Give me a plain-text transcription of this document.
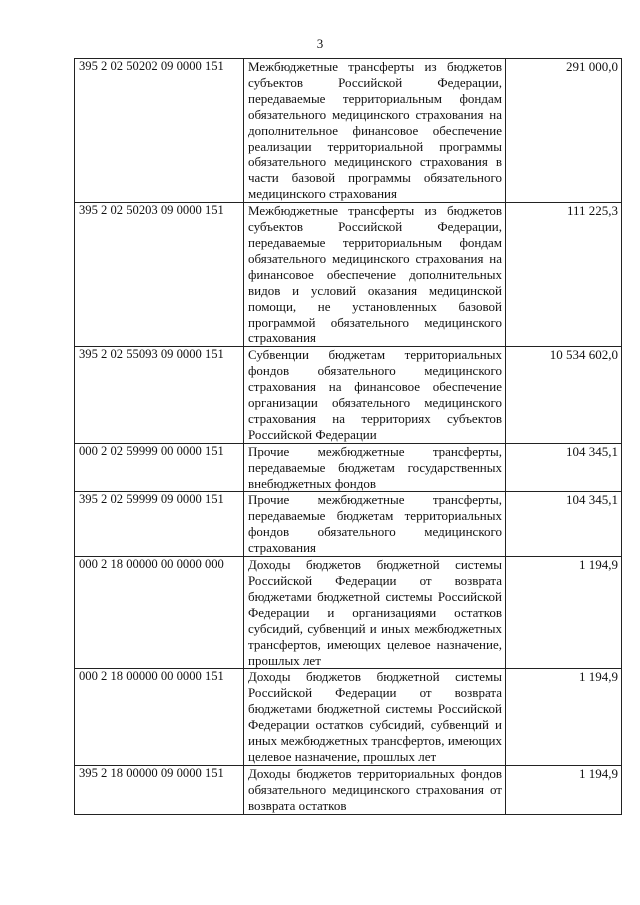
3
395 2 02 50202 09 0000 151	Межбюджетные трансферты из бюджетов субъектов Российской Федерации, передаваемые территориальным фондам обязательного медицинского страхования на дополнительное финансовое обеспечение реализации территориальной программы обязательного медицинского страхования в части базовой программы обязательного медицинского страхования	291 000,0
395 2 02 50203 09 0000 151	Межбюджетные трансферты из бюджетов субъектов Российской Федерации, передаваемые территориальным фондам обязательного медицинского страхования на финансовое обеспечение дополнительных видов и условий оказания медицинской помощи, не установленных базовой программой обязательного медицинского страхования	111 225,3
395 2 02 55093 09 0000 151	Субвенции бюджетам территориальных фондов обязательного медицинского страхования на финансовое обеспечение организации обязательного медицинского страхования на территориях субъектов Российской Федерации	10 534 602,0
000 2 02 59999 00 0000 151	Прочие межбюджетные трансферты, передаваемые бюджетам государственных внебюджетных фондов	104 345,1
395 2 02 59999 09 0000 151	Прочие межбюджетные трансферты, передаваемые бюджетам территориальных фондов обязательного медицинского страхования	104 345,1
000 2 18 00000 00 0000 000	Доходы бюджетов бюджетной системы Российской Федерации от возврата бюджетами бюджетной системы Российской Федерации и организациями остатков субсидий, субвенций и иных межбюджетных трансфертов, имеющих целевое назначение, прошлых лет	1 194,9
000 2 18 00000 00 0000 151	Доходы бюджетов бюджетной системы Российской Федерации от возврата бюджетами бюджетной системы Российской Федерации остатков субсидий, субвенций и иных межбюджетных трансфертов, имеющих целевое назначение, прошлых лет	1 194,9
395 2 18 00000 09 0000 151	Доходы бюджетов территориальных фондов обязательного медицинского страхования от возврата остатков	1 194,9
